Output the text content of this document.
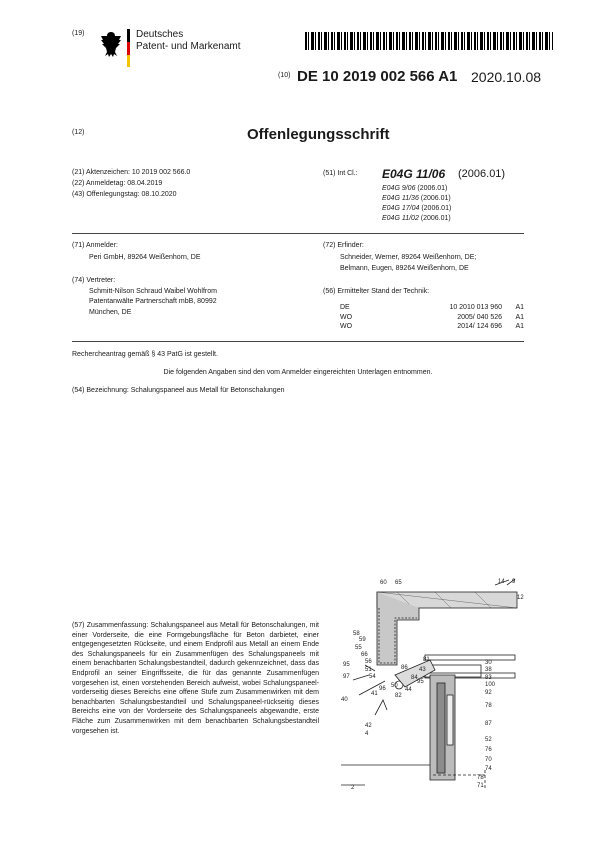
(19)	Deutsches
Patent- und Markenamt
(10) DE 10 2019 002 566 A1 2020.10.08
(12)	Offenlegungsschrift
(21) Aktenzeichen: 10 2019 002 566.0
(22) Anmeldetag: 08.04.2019
(43) Offenlegungstag: 08.10.2020
(51) Int Cl.: E04G 11/06 (2006.01)
E04G 9/06 (2006.01)
E04G 11/36 (2006.01)
E04G 17/04 (2006.01)
E04G 11/02 (2006.01)
(71) Anmelder:
Peri GmbH, 89264 Weißenhorn, DE
(74) Vertreter:
Schmitt-Nilson Schraud Waibel Wohlfrom
Patentanwälte Partnerschaft mbB, 80992
München, DE
(72) Erfinder:
Schneider, Werner, 89264 Weißenhorn, DE;
Belmann, Eugen, 89264 Weißenhorn, DE
(56) Ermittelter Stand der Technik:
DE	10 2010 013 960	A1
WO	2005/ 040 526	A1
WO	2014/ 124 696	A1
Rechercheantrag gemäß § 43 PatG ist gestellt.
Die folgenden Angaben sind den vom Anmelder eingereichten Unterlagen entnommen.
(54) Bezeichnung: Schalungspaneel aus Metall für Betonschalungen
(57) Zusammenfassung: Schalungspaneel aus Metall für Betonschalungen, mit einer Vorderseite, die eine Formgebungsfläche für Beton darbietet, einer entgegengesetzten Rückseite, und einem Endprofil aus Metall an einem Ende des Schalungspaneels für ein Zusammenfügen des Schalungspaneels mit einem benachbarten Schalungsbestandteil, dadurch gekennzeichnet, dass das Endprofil an seiner Eingriffsseite, die für das genannte Zusammenfügen vorgesehen ist, einen vorstehenden Bereich aufweist, wobei Schalungspaneel-vorderseitig dieses Bereichs eine offene Stufe zum Zusammenwirken mit dem benachbarten Schalungsbestandteil und Schalungspaneel-rückseitig dieses Bereichs eine von der Vorderseite des Schalungspaneels abgewandte, erste Fläche zum Zusammenwirken mit dem benachbarten Schalungsbestandteil vorgesehen ist.
60 65	14 9
12
58
59
55
66
56
95
51
97	54
86
95
82
96
40
41
50
44
84
43
81	30
38
83
100
92
78
87
52
42
76
70
78
71
74
2
4
